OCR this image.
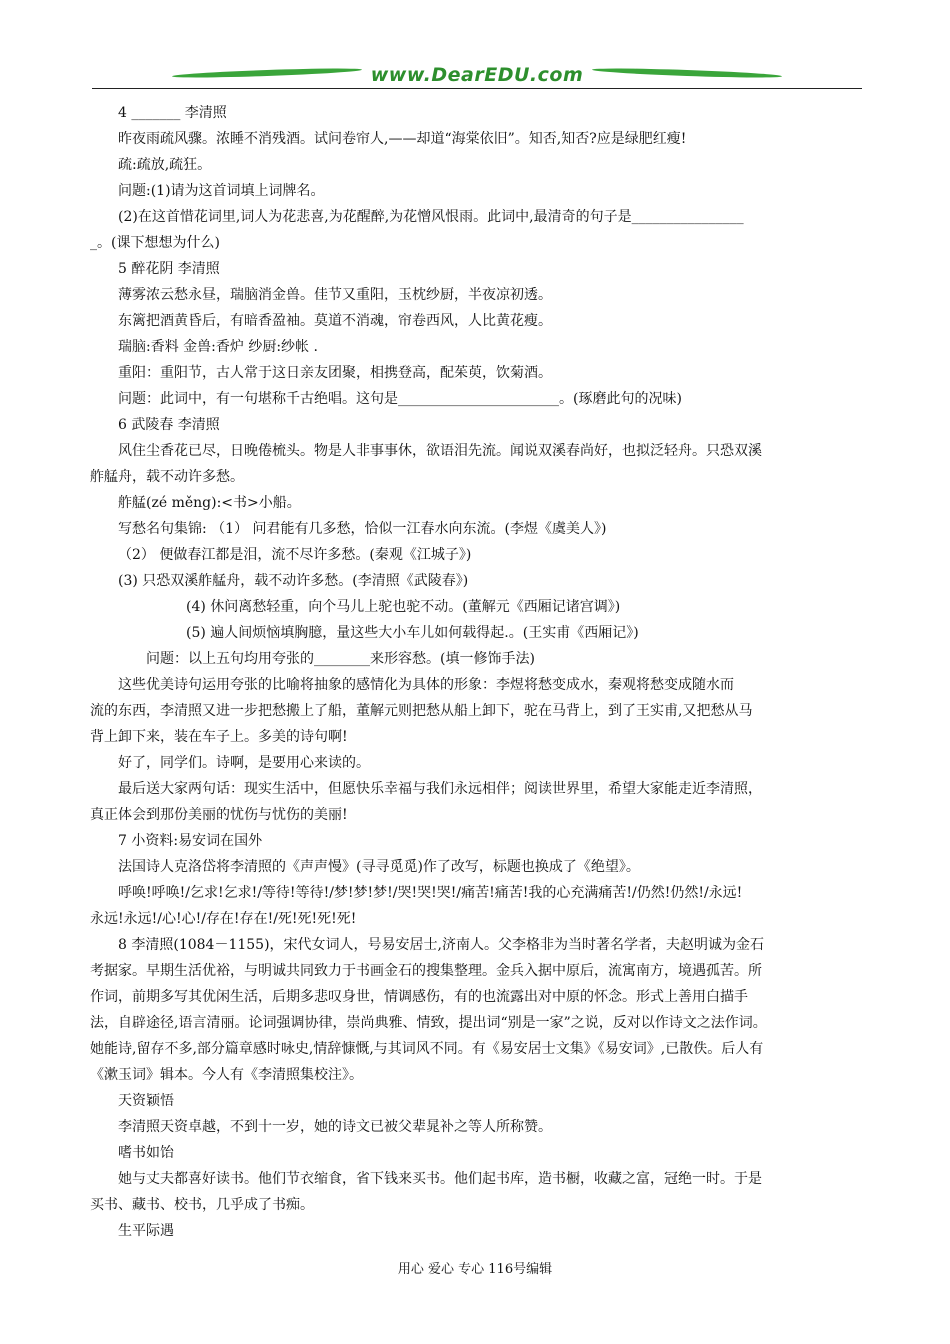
www.DearEDU.com

4 _______ 李清照

昨夜雨疏风骤。浓睡不消残酒。试问卷帘人,——却道“海棠依旧”。知否,知否?应是绿肥红瘦!

疏:疏放,疏狂。

问题:(1)请为这首词填上词牌名。

(2)在这首惜花词里,词人为花悲喜,为花醒醉,为花憎风恨雨。此词中,最清奇的句子是________________

_。(课下想想为什么)

5 醉花阴 李清照

薄雾浓云愁永昼，瑞脑消金兽。佳节又重阳，玉枕纱厨，半夜凉初透。

东篱把酒黄昏后，有暗香盈袖。莫道不消魂，帘卷西风，人比黄花瘦。

瑞脑:香料 金兽:香炉 纱厨:纱帐 .

重阳：重阳节，古人常于这日亲友团聚，相携登高，配茱萸，饮菊酒。

问题：此词中，有一句堪称千古绝唱。这句是_______________________。(琢磨此句的况味)

6 武陵春 李清照

风住尘香花已尽，日晚倦梳头。物是人非事事休，欲语泪先流。闻说双溪春尚好，也拟泛轻舟。只恐双溪

舴艋舟，载不动许多愁。

舴艋(zé měng):<书>小船。

写愁名句集锦: （1） 问君能有几多愁，恰似一江春水向东流。(李煜《虞美人》)

（2） 便做春江都是泪，流不尽许多愁。(秦观《江城子》)

(3) 只恐双溪舴艋舟，载不动许多愁。(李清照《武陵春》)

(4) 休问离愁轻重，向个马儿上驼也驼不动。(董解元《西厢记诸宫调》)

(5) 遍人间烦恼填胸臆，量这些大小车儿如何载得起.。(王实甫《西厢记》)

问题：以上五句均用夸张的________来形容愁。(填一修饰手法)

这些优美诗句运用夸张的比喻将抽象的感情化为具体的形象：李煜将愁变成水，秦观将愁变成随水而

流的东西，李清照又进一步把愁搬上了船，董解元则把愁从船上卸下，驼在马背上，到了王实甫,又把愁从马

背上卸下来，装在车子上。多美的诗句啊!

好了，同学们。诗啊，是要用心来读的。

最后送大家两句话：现实生活中，但愿快乐幸福与我们永远相伴；阅读世界里，希望大家能走近李清照，

真正体会到那份美丽的忧伤与忧伤的美丽!

7 小资料:易安词在国外

法国诗人克洛岱将李清照的《声声慢》(寻寻觅觅)作了改写，标题也换成了《绝望》。

呼唤!呼唤!/乞求!乞求!/等待!等待!/梦!梦!梦!/哭!哭!哭!/痛苦!痛苦!我的心充满痛苦!/仍然!仍然!/永远!

永远!永远!/心!心!/存在!存在!/死!死!死!死!

8 李清照(1084－1155)，宋代女词人，号易安居士,济南人。父李格非为当时著名学者，夫赵明诚为金石

考据家。早期生活优裕，与明诚共同致力于书画金石的搜集整理。金兵入据中原后，流寓南方，境遇孤苦。所

作词，前期多写其优闲生活，后期多悲叹身世，情调感伤，有的也流露出对中原的怀念。形式上善用白描手

法，自辟途径,语言清丽。论词强调协律，崇尚典雅、情致，提出词“别是一家”之说，反对以作诗文之法作词。

她能诗,留存不多,部分篇章感时咏史,情辞慷慨,与其词风不同。有《易安居士文集》《易安词》,已散佚。后人有

《漱玉词》辑本。今人有《李清照集校注》。

天资颖悟

李清照天资卓越，不到十一岁，她的诗文已被父辈晁补之等人所称赞。

嗜书如饴

她与丈夫都喜好读书。他们节衣缩食，省下钱来买书。他们起书库，造书橱，收藏之富，冠绝一时。于是

买书、藏书、校书，几乎成了书痴。

生平际遇

用心 爱心 专心 116号编辑
